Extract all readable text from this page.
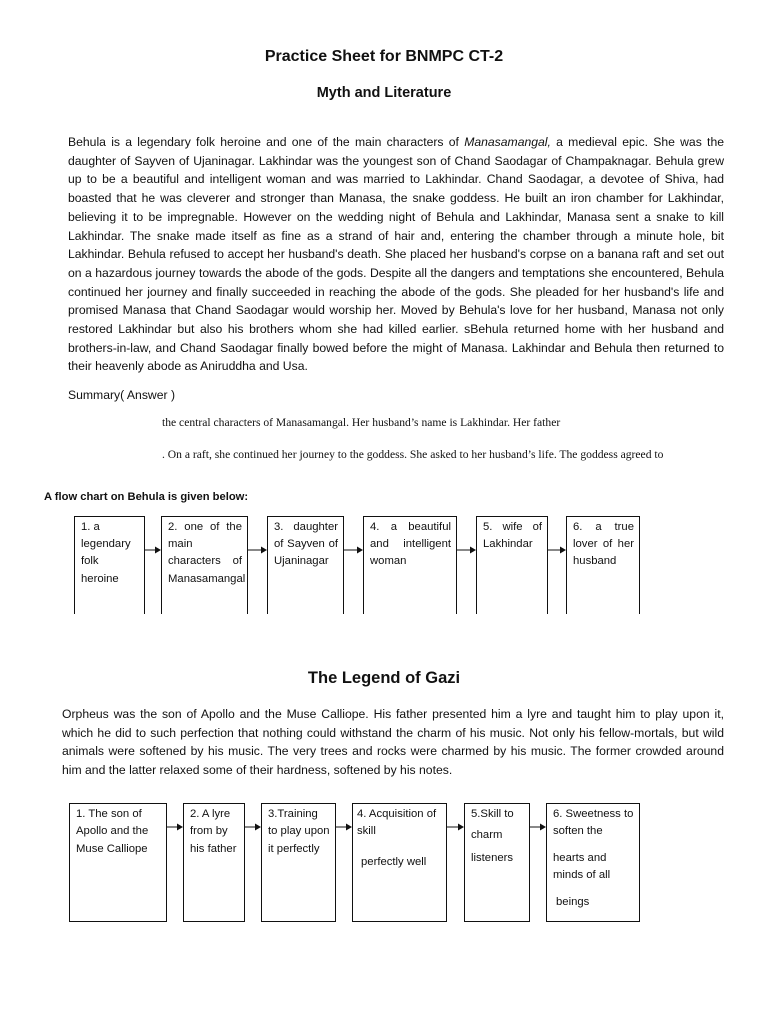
Practice Sheet for BNMPC CT-2
Myth and Literature
Behula is a legendary folk heroine and one of the main characters of Manasamangal, a medieval epic. She was the daughter of Sayven of Ujaninagar. Lakhindar was the youngest son of Chand Saodagar of Champaknagar. Behula grew up to be a beautiful and intelligent woman and was married to Lakhindar. Chand Saodagar, a devotee of Shiva, had boasted that he was cleverer and stronger than Manasa, the snake goddess. He built an iron chamber for Lakhindar, believing it to be impregnable. However on the wedding night of Behula and Lakhindar, Manasa sent a snake to kill Lakhindar. The snake made itself as fine as a strand of hair and, entering the chamber through a minute hole, bit Lakhindar. Behula refused to accept her husband's death. She placed her husband's corpse on a banana raft and set out on a hazardous journey towards the abode of the gods. Despite all the dangers and temptations she encountered, Behula continued her journey and finally succeeded in reaching the abode of the gods. She pleaded for her husband's life and promised Manasa that Chand Saodagar would worship her. Moved by Behula's love for her husband, Manasa not only restored Lakhindar but also his brothers whom she had killed earlier. sBehula returned home with her husband and brothers-in-law, and Chand Saodagar finally bowed before the might of Manasa. Lakhindar and Behula then returned to their heavenly abode as Aniruddha and Usa.
Summary( Answer )
the central characters of Manasamangal. Her husband’s name is Lakhindar. Her father
. On a raft, she continued her journey to the goddess. She asked to her husband’s life. The goddess agreed to
A flow chart on Behula is given below:
1. a legendary folk heroine
2. one of the main characters of Manasamangal
3. daughter of Sayven of Ujaninagar
4. a beautiful and intelligent woman
5. wife of Lakhindar
6. a true lover of her husband
The Legend of Gazi
Orpheus was the son of Apollo and the Muse Calliope. His father presented him a lyre and taught him to play upon it, which he did to such perfection that nothing could withstand the charm of his music. Not only his fellow-mortals, but wild animals were softened by his music. The very trees and rocks were charmed by his music. The former crowded around him and the latter relaxed some of their hardness, softened by his notes.
1. The son of Apollo and the Muse Calliope
2. A lyre from by his father
3.Training to play upon it perfectly
4. Acquisition of skill
perfectly well
5.Skill to
charm
listeners
6. Sweetness to soften the
hearts and minds of all
beings
